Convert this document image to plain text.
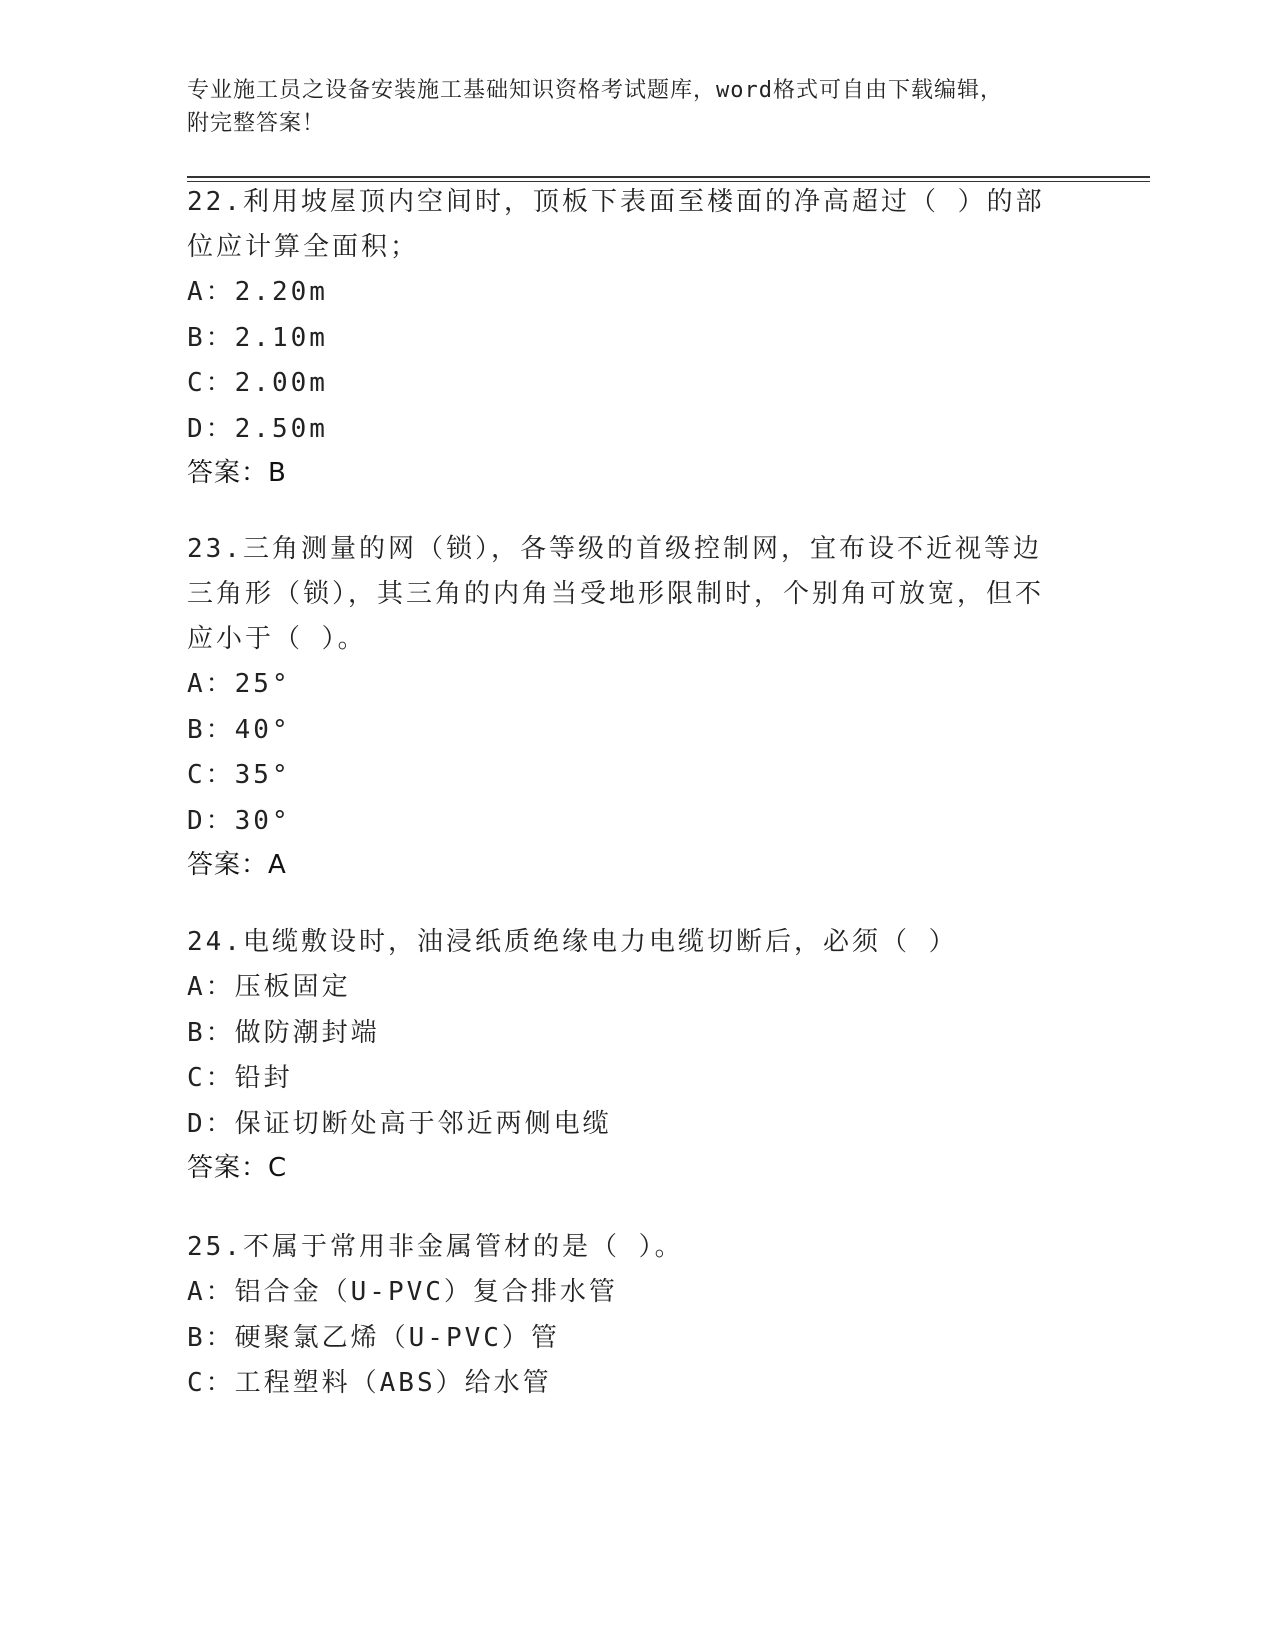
专业施工员之设备安装施工基础知识资格考试题库，word格式可自由下载编辑，
附完整答案！

22.利用坡屋顶内空间时，顶板下表面至楼面的净高超过（ ）的部位应计算全面积；

A：2.20m

B：2.10m

C：2.00m

D：2.50m

答案：B

23.三角测量的网（锁），各等级的首级控制网，宜布设不近视等边三角形（锁），其三角的内角当受地形限制时，个别角可放宽，但不应小于（ ）。

A：25°

B：40°

C：35°

D：30°

答案：A

24.电缆敷设时，油浸纸质绝缘电力电缆切断后，必须（ ）

A：压板固定

B：做防潮封端

C：铅封

D：保证切断处高于邻近两侧电缆

答案：C

25.不属于常用非金属管材的是（ ）。

A：铝合金（U-PVC）复合排水管

B：硬聚氯乙烯（U-PVC）管

C：工程塑料（ABS）给水管
